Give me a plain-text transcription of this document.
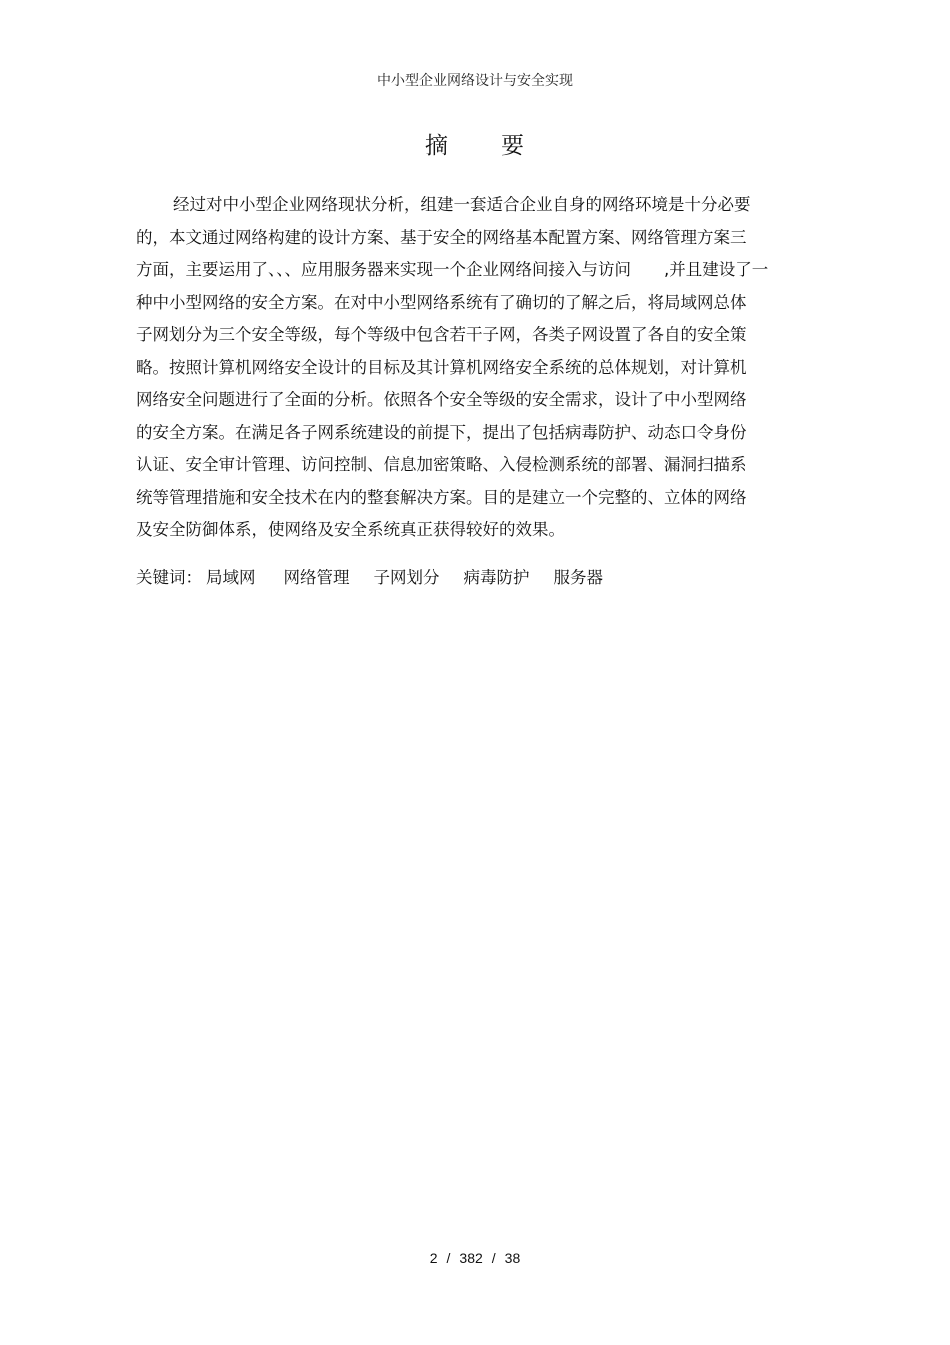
中小型企业网络设计与安全实现
摘 要
经过对中小型企业网络现状分析，组建一套适合企业自身的网络环境是十分必要
的，本文通过网络构建的设计方案、基于安全的网络基本配置方案、网络管理方案三
方面，主要运用了、、、应用服务器来实现一个企业网络间接入与访问　　,并且建设了一
种中小型网络的安全方案。在对中小型网络系统有了确切的了解之后，将局域网总体
子网划分为三个安全等级，每个等级中包含若干子网，各类子网设置了各自的安全策
略。按照计算机网络安全设计的目标及其计算机网络安全系统的总体规划，对计算机
网络安全问题进行了全面的分析。依照各个安全等级的安全需求，设计了中小型网络
的安全方案。在满足各子网系统建设的前提下，提出了包括病毒防护、动态口令身份
认证、安全审计管理、访问控制、信息加密策略、入侵检测系统的部署、漏洞扫描系
统等管理措施和安全技术在内的整套解决方案。目的是建立一个完整的、立体的网络
及安全防御体系，使网络及安全系统真正获得较好的效果。
关键词： 局域网 网络管理 子网划分 病毒防护 服务器
2 / 382 / 38
